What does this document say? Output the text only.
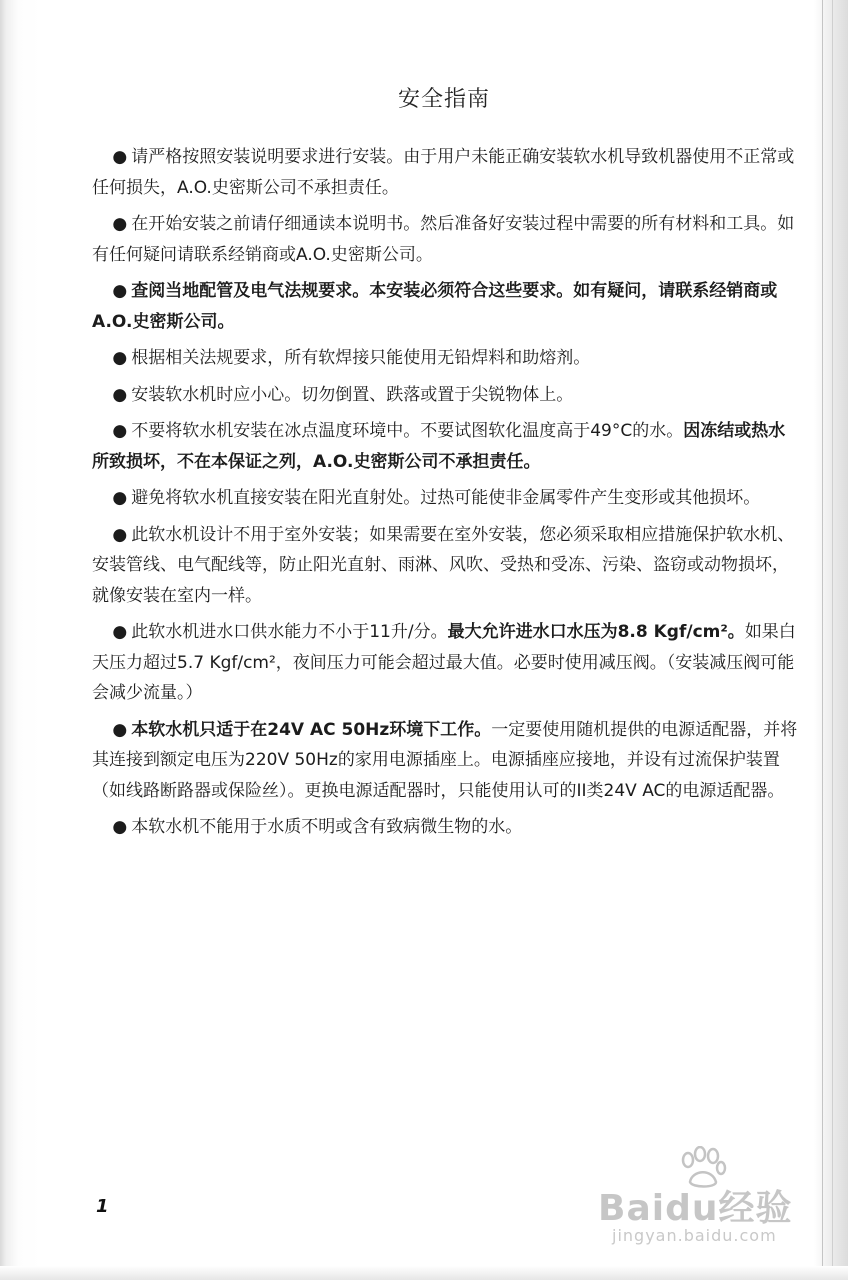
安全指南

● 请严格按照安装说明要求进行安装。由于用户未能正确安装软水机导致机器使用不正常或任何损失，A.O.史密斯公司不承担责任。

● 在开始安装之前请仔细通读本说明书。然后准备好安装过程中需要的所有材料和工具。如有任何疑问请联系经销商或A.O.史密斯公司。

● 查阅当地配管及电气法规要求。本安装必须符合这些要求。如有疑问，请联系经销商或A.O.史密斯公司。

● 根据相关法规要求，所有软焊接只能使用无铅焊料和助熔剂。

● 安装软水机时应小心。切勿倒置、跌落或置于尖锐物体上。

● 不要将软水机安装在冰点温度环境中。不要试图软化温度高于49°C的水。因冻结或热水所致损坏，不在本保证之列，A.O.史密斯公司不承担责任。

● 避免将软水机直接安装在阳光直射处。过热可能使非金属零件产生变形或其他损坏。

● 此软水机设计不用于室外安装；如果需要在室外安装，您必须采取相应措施保护软水机、安装管线、电气配线等，防止阳光直射、雨淋、风吹、受热和受冻、污染、盗窃或动物损坏，就像安装在室内一样。

● 此软水机进水口供水能力不小于11升/分。最大允许进水口水压为8.8 Kgf/cm²。如果白天压力超过5.7 Kgf/cm²，夜间压力可能会超过最大值。必要时使用减压阀。（安装减压阀可能会减少流量。）

● 本软水机只适于在24V AC 50Hz环境下工作。一定要使用随机提供的电源适配器，并将其连接到额定电压为220V 50Hz的家用电源插座上。电源插座应接地，并设有过流保护装置（如线路断路器或保险丝）。更换电源适配器时，只能使用认可的II类24V AC的电源适配器。

● 本软水机不能用于水质不明或含有致病微生物的水。

1	Baidu经验
jingyan.baidu.com
